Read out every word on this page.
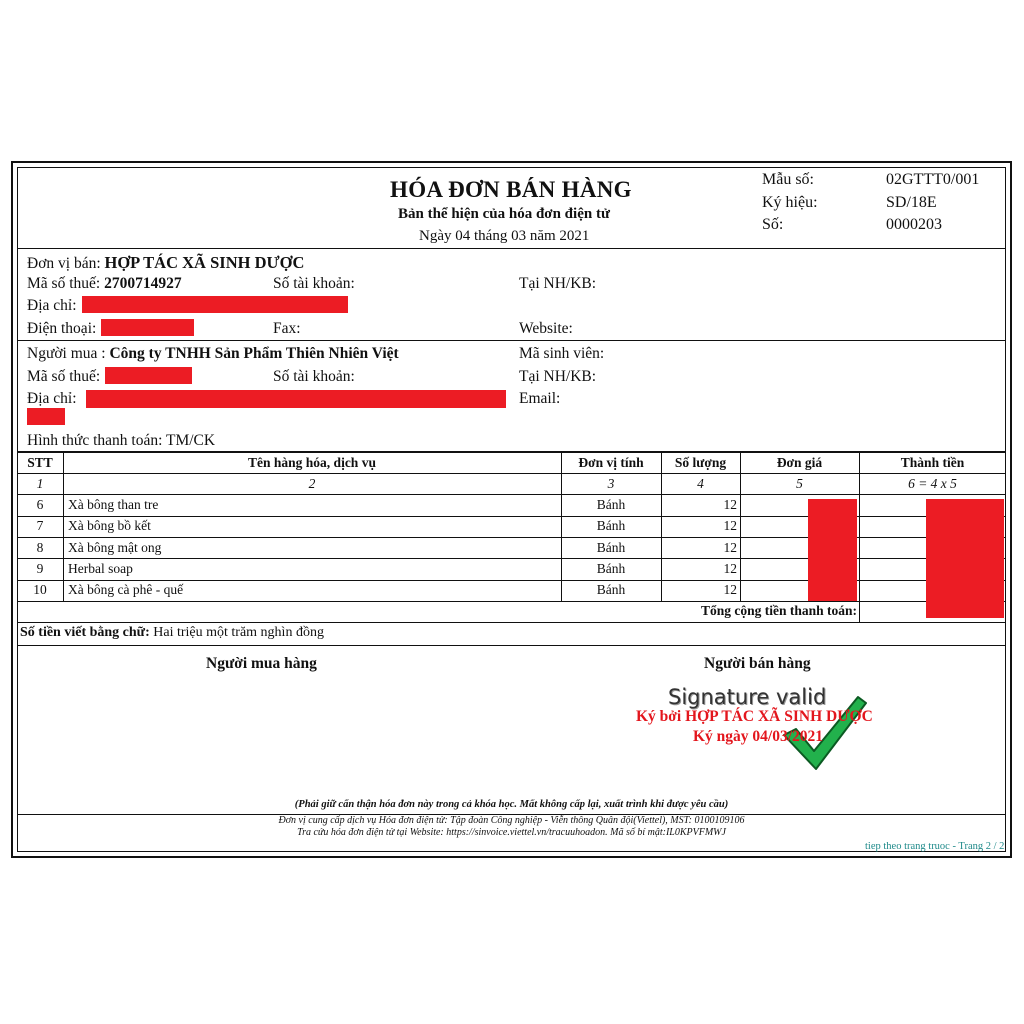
HÓA ĐƠN BÁN HÀNG
Bản thể hiện của hóa đơn điện tử
Ngày 04 tháng 03 năm 2021
Mẫu số:	02GTTT0/001
Ký hiệu:	SD/18E
Số:	0000203
Đơn vị bán: HỢP TÁC XÃ SINH DƯỢC
Mã số thuế: 2700714927	Số tài khoản:	Tại NH/KB:
Địa chỉ:
Điện thoại:	Fax:	Website:
Người mua : Công ty TNHH Sản Phẩm Thiên Nhiên Việt	Mã sinh viên:
Mã số thuế:	Số tài khoản:	Tại NH/KB:
Địa chỉ:	Email:
Hình thức thanh toán: TM/CK
STT	Tên hàng hóa, dịch vụ	Đơn vị tính	Số lượng	Đơn giá	Thành tiền
1	2	3	4	5	6 = 4 x 5
6	Xà bông than tre	Bánh	12
7	Xà bông bồ kết	Bánh	12
8	Xà bông mật ong	Bánh	12
9	Herbal soap	Bánh	12
10	Xà bông cà phê - quế	Bánh	12
Tổng cộng tiền thanh toán:
Số tiền viết bằng chữ: Hai triệu một trăm nghìn đồng
Người mua hàng	Người bán hàng
Signature valid
Ký bởi HỢP TÁC XÃ SINH DƯỢC
Ký ngày 04/03/2021
(Phải giữ cẩn thận hóa đơn này trong cả khóa học. Mất không cấp lại, xuất trình khi được yêu cầu)
Đơn vị cung cấp dịch vụ Hóa đơn điện tử: Tập đoàn Công nghiệp - Viễn thông Quân đội(Viettel), MST: 0100109106
Tra cứu hóa đơn điện tử tại Website: https://sinvoice.viettel.vn/tracuuhoadon. Mã số bí mật:IL0KPVFMWJ
tiep theo trang truoc - Trang 2 / 2
